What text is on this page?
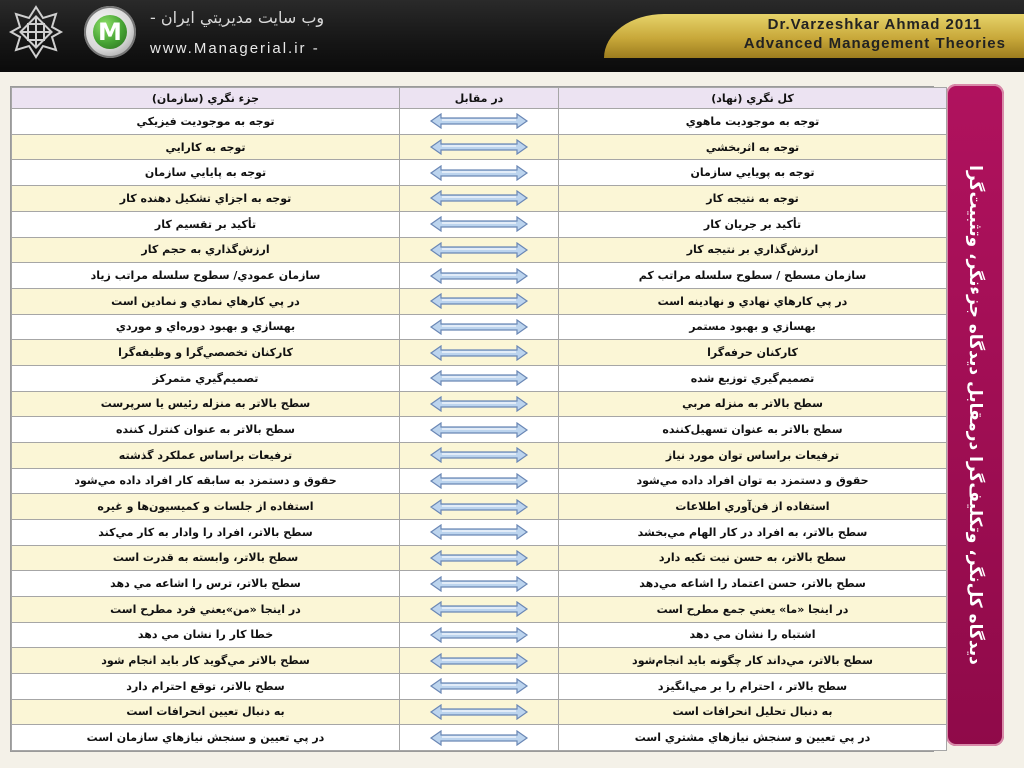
M
- وب سايت مديريتي ايران
www.Managerial.ir -
Dr.Varzeshkar Ahmad 2011
Advanced Management Theories
ديدگاه كل‌نگر، وتكليف‌گرا درمقابل ديدگاه جزءنگر، وتثبيت‌گرا
جزء نگري (سازمان)	در مقابل	كل نگري (نهاد)
توجه به موجوديت فيزيكي		توجه به موجوديت ماهوي
توجه به كارايي		توجه به اثربخشي
توجه به پايايي سازمان		توجه به پويايي سازمان
توجه به اجزاي تشكيل دهنده كار		توجه به نتيجه كار
تأكيد بر تقسيم كار		تأكيد بر جريان كار
ارزش‌گذاري به حجم كار		ارزش‌گذاري بر نتيجه كار
سازمان عمودي/ سطوح سلسله مراتب زياد		سازمان مسطح / سطوح سلسله مراتب كم
در پي كارهاي نمادي و نمادين است		در پي كارهاي نهادي و نهادينه است
بهسازي و بهبود دوره‌اي و موردي		بهسازي و بهبود مستمر
كاركنان تخصصي‌گرا و وظيفه‌گرا		كاركنان حرفه‌گرا
تصميم‌گيري متمركز		تصميم‌گيري توزيع شده
سطح بالاتر به منزله رئيس يا سرپرست		سطح بالاتر به منزله مربي
سطح بالاتر به عنوان كنترل كننده		سطح بالاتر به عنوان تسهيل‌كننده
ترفيعات براساس عملكرد گذشته		ترفيعات براساس توان مورد نياز
حقوق و دستمزد به سابقه كار افراد داده مي‌شود		حقوق و دستمزد به توان افراد داده مي‌شود
استفاده از جلسات و كميسيون‌ها و غيره		استفاده از فن‌آوري اطلاعات
سطح بالاتر، افراد را وادار به كار مي‌كند		سطح بالاتر، به افراد در كار الهام مي‌بخشد
سطح بالاتر، وابسته به قدرت است		سطح بالاتر، به حسن نيت تكيه دارد
سطح بالاتر، ترس را اشاعه مي دهد		سطح بالاتر، حسن اعتماد را اشاعه مي‌دهد
در اينجا «من»يعني فرد مطرح است		در اينجا «ما» يعني جمع مطرح است
خطا كار را نشان مي دهد		اشتباه را نشان مي دهد
سطح بالاتر مي‌گويد كار بايد انجام شود		سطح بالاتر، مي‌داند كار چگونه بايد انجام‌شود
سطح بالاتر، توقع احترام دارد		سطح بالاتر ، احترام را بر مي‌انگيزد
به دنبال تعيين انحرافات است		به دنبال تحليل انحرافات است
در پي تعيين و سنجش نيازهاي سازمان است		در پي تعيين و سنجش نيازهاي مشتري است
